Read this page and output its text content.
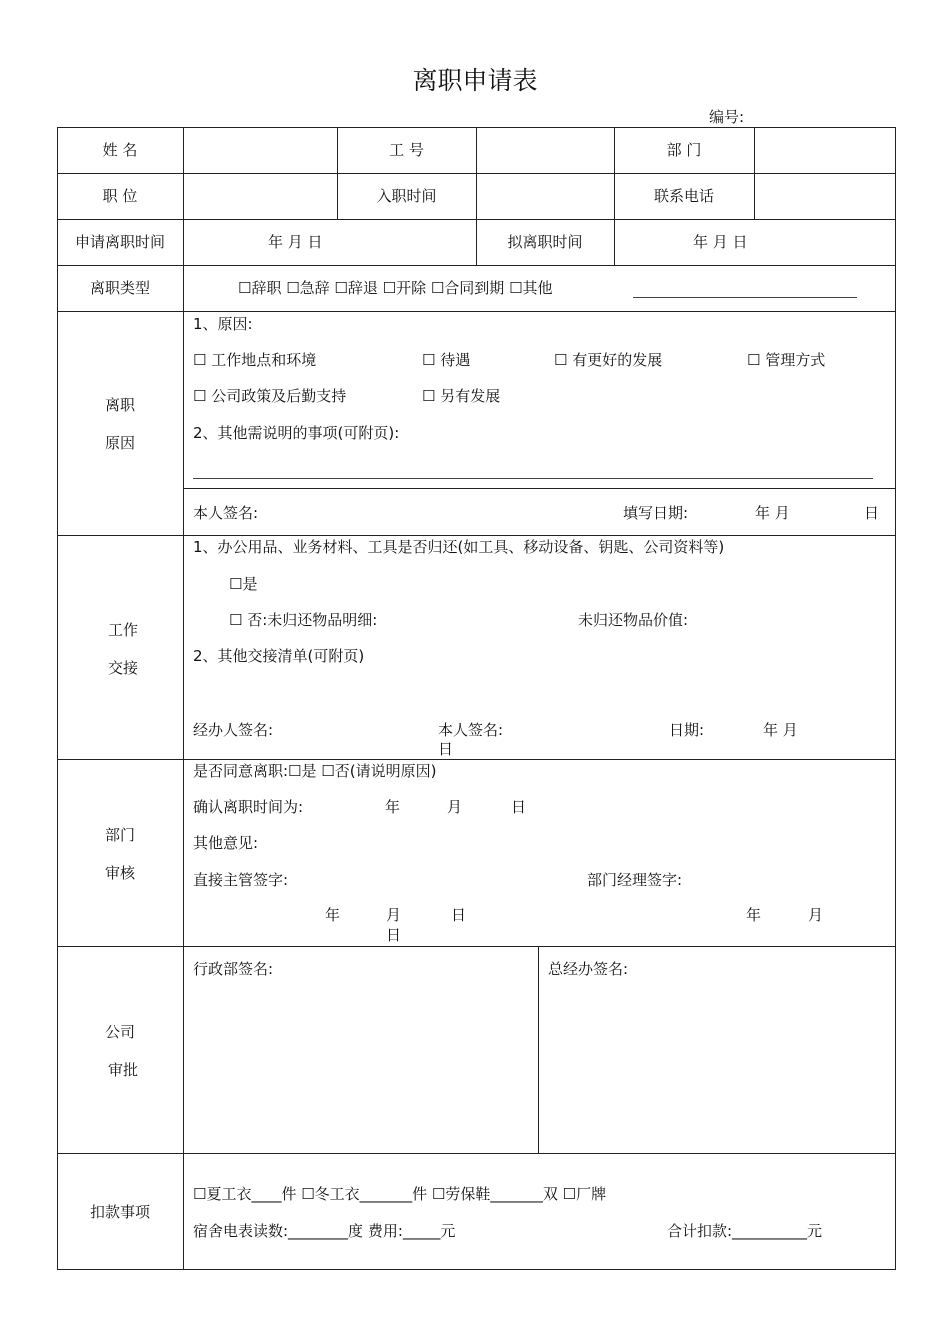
离职申请表
编号:
姓 名	工 号	部 门
职 位	入职时间	联系电话
申请离职时间	年 月 日	拟离职时间	年 月 日
离职类型	☐辞职 ☐急辞 ☐辞退 ☐开除 ☐合同到期 ☐其他
离职
原因
1、原因:
☐ 工作地点和环境	☐ 待遇	☐ 有更好的发展	☐ 管理方式
☐ 公司政策及后勤支持	☐ 另有发展
2、其他需说明的事项(可附页):
本人签名:	填写日期:	年 月	日
工作
交接
1、办公用品、业务材料、工具是否归还(如工具、移动设备、钥匙、公司资料等)
☐是
☐ 否:未归还物品明细:	未归还物品价值:
2、其他交接清单(可附页)
经办人签名:	本人签名:	日期:	年 月
日
部门
审核
是否同意离职:☐是 ☐否(请说明原因)
确认离职时间为:	年	月	日
其他意见:
直接主管签字:	部门经理签字:
年	月	日
日
年	月
公司
审批
行政部签名:	总经办签名:
扣款事项
☐夏工衣____件 ☐冬工衣_______件 ☐劳保鞋_______双 ☐厂牌
宿舍电表读数:________度 费用:_____元	合计扣款:__________元
